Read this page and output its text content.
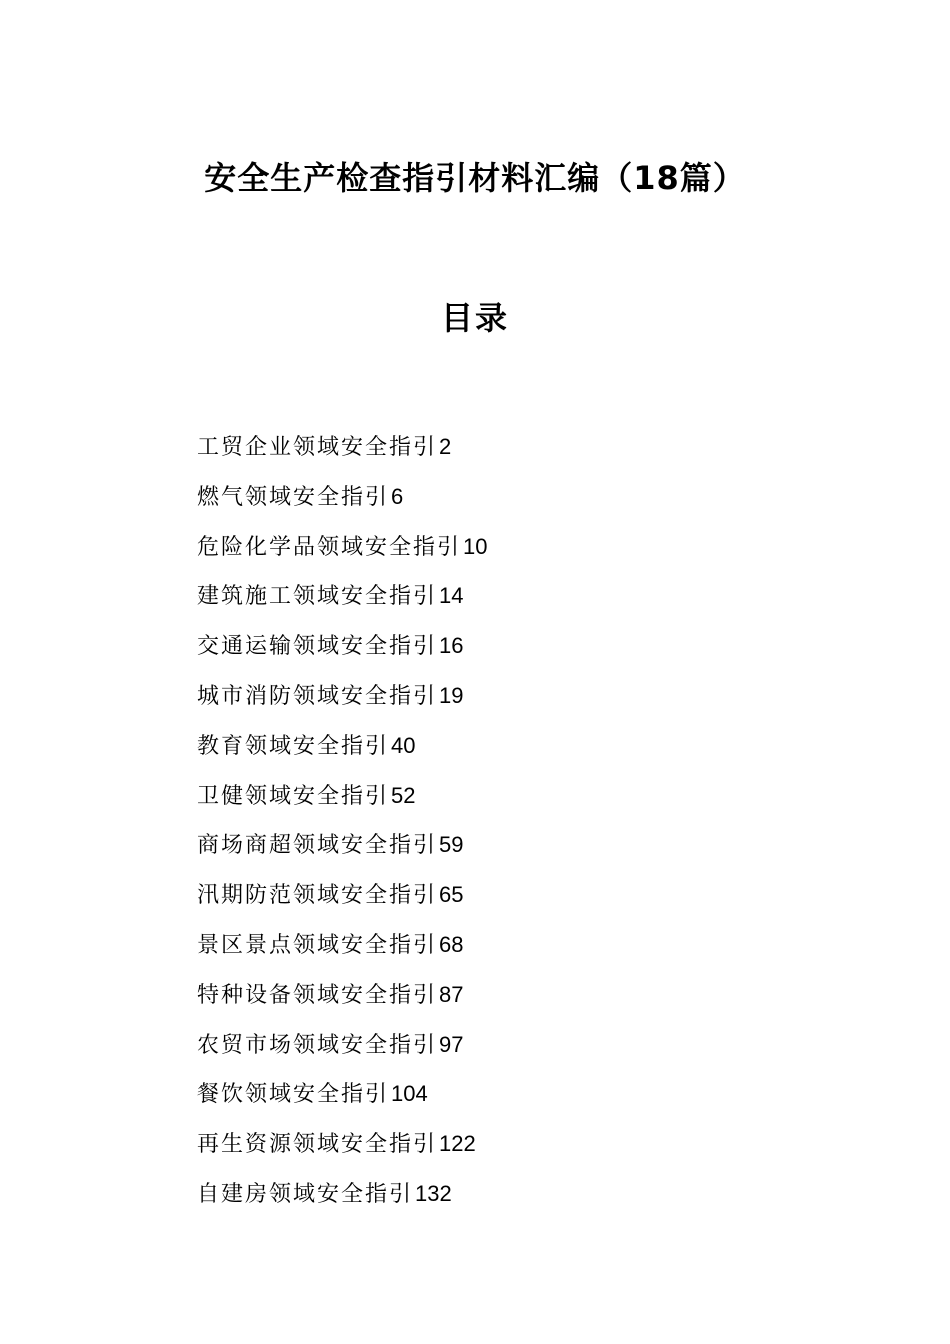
安全生产检查指引材料汇编（18篇）
目录
工贸企业领域安全指引2
燃气领域安全指引6
危险化学品领域安全指引10
建筑施工领域安全指引14
交通运输领域安全指引16
城市消防领域安全指引19
教育领域安全指引40
卫健领域安全指引52
商场商超领域安全指引59
汛期防范领域安全指引65
景区景点领域安全指引68
特种设备领域安全指引87
农贸市场领域安全指引97
餐饮领域安全指引104
再生资源领域安全指引122
自建房领域安全指引132
